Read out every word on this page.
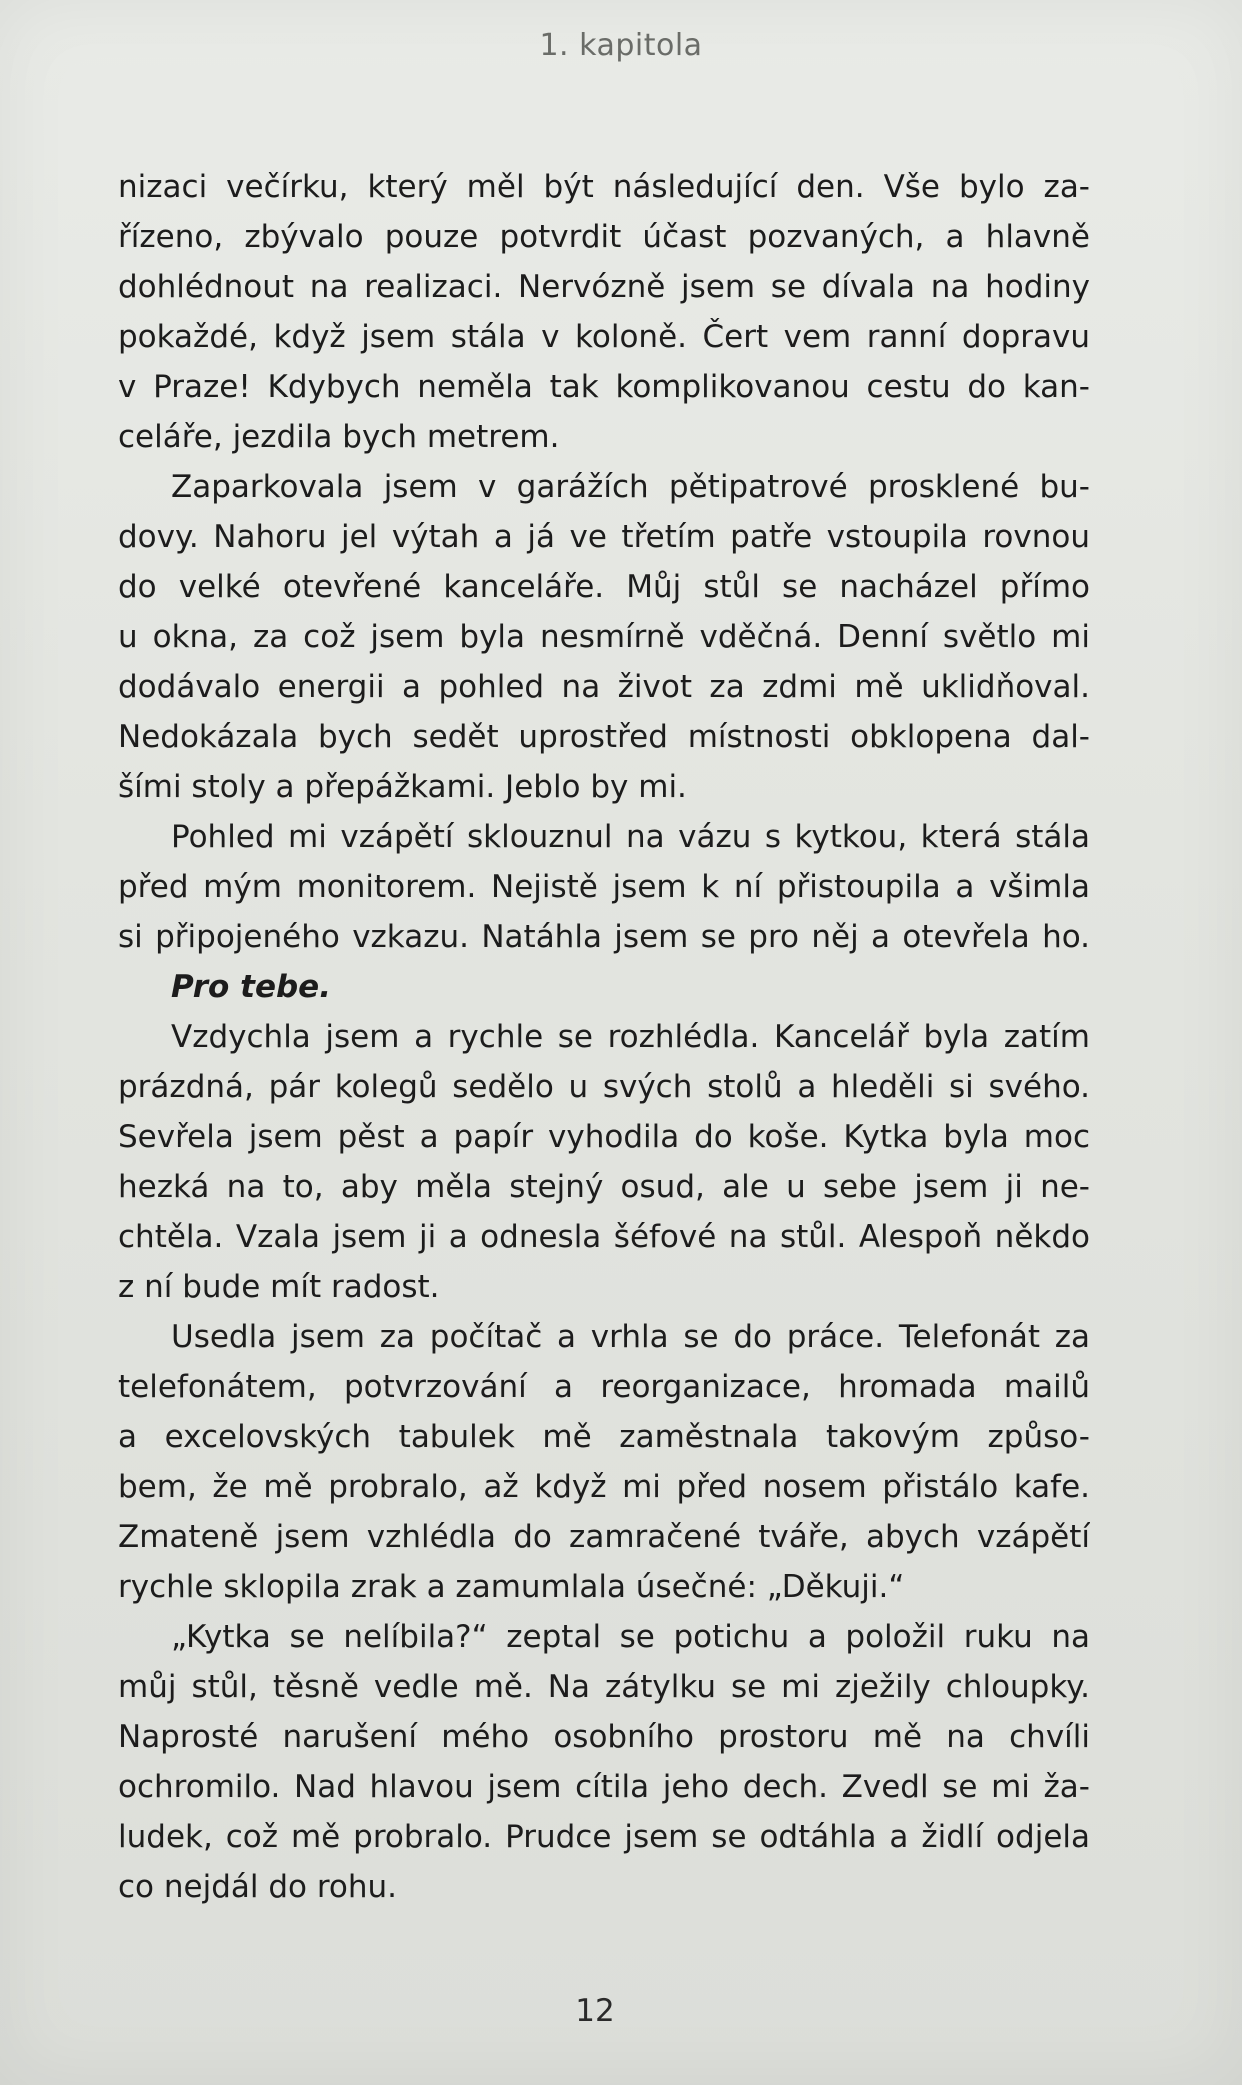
1. kapitola
nizaci večírku, který měl být následující den. Vše bylo za-
řízeno, zbývalo pouze potvrdit účast pozvaných, a hlavně
dohlédnout na realizaci. Nervózně jsem se dívala na hodiny
pokaždé, když jsem stála v koloně. Čert vem ranní dopravu
v Praze! Kdybych neměla tak komplikovanou cestu do kan-
celáře, jezdila bych metrem.
Zaparkovala jsem v garážích pětipatrové prosklené bu-
dovy. Nahoru jel výtah a já ve třetím patře vstoupila rovnou
do velké otevřené kanceláře. Můj stůl se nacházel přímo
u okna, za což jsem byla nesmírně vděčná. Denní světlo mi
dodávalo energii a pohled na život za zdmi mě uklidňoval.
Nedokázala bych sedět uprostřed místnosti obklopena dal-
šími stoly a přepážkami. Jeblo by mi.
Pohled mi vzápětí sklouznul na vázu s kytkou, která stála
před mým monitorem. Nejistě jsem k ní přistoupila a všimla
si připojeného vzkazu. Natáhla jsem se pro něj a otevřela ho.
Pro tebe.
Vzdychla jsem a rychle se rozhlédla. Kancelář byla zatím
prázdná, pár kolegů sedělo u svých stolů a hleděli si svého.
Sevřela jsem pěst a papír vyhodila do koše. Kytka byla moc
hezká na to, aby měla stejný osud, ale u sebe jsem ji ne-
chtěla. Vzala jsem ji a odnesla šéfové na stůl. Alespoň někdo
z ní bude mít radost.
Usedla jsem za počítač a vrhla se do práce. Telefonát za
telefonátem, potvrzování a reorganizace, hromada mailů
a excelovských tabulek mě zaměstnala takovým způso-
bem, že mě probralo, až když mi před nosem přistálo kafe.
Zmateně jsem vzhlédla do zamračené tváře, abych vzápětí
rychle sklopila zrak a zamumlala úsečné: „Děkuji.“
„Kytka se nelíbila?“ zeptal se potichu a položil ruku na
můj stůl, těsně vedle mě. Na zátylku se mi zježily chloupky.
Naprosté narušení mého osobního prostoru mě na chvíli
ochromilo. Nad hlavou jsem cítila jeho dech. Zvedl se mi ža-
ludek, což mě probralo. Prudce jsem se odtáhla a židlí odjela
co nejdál do rohu.
12
